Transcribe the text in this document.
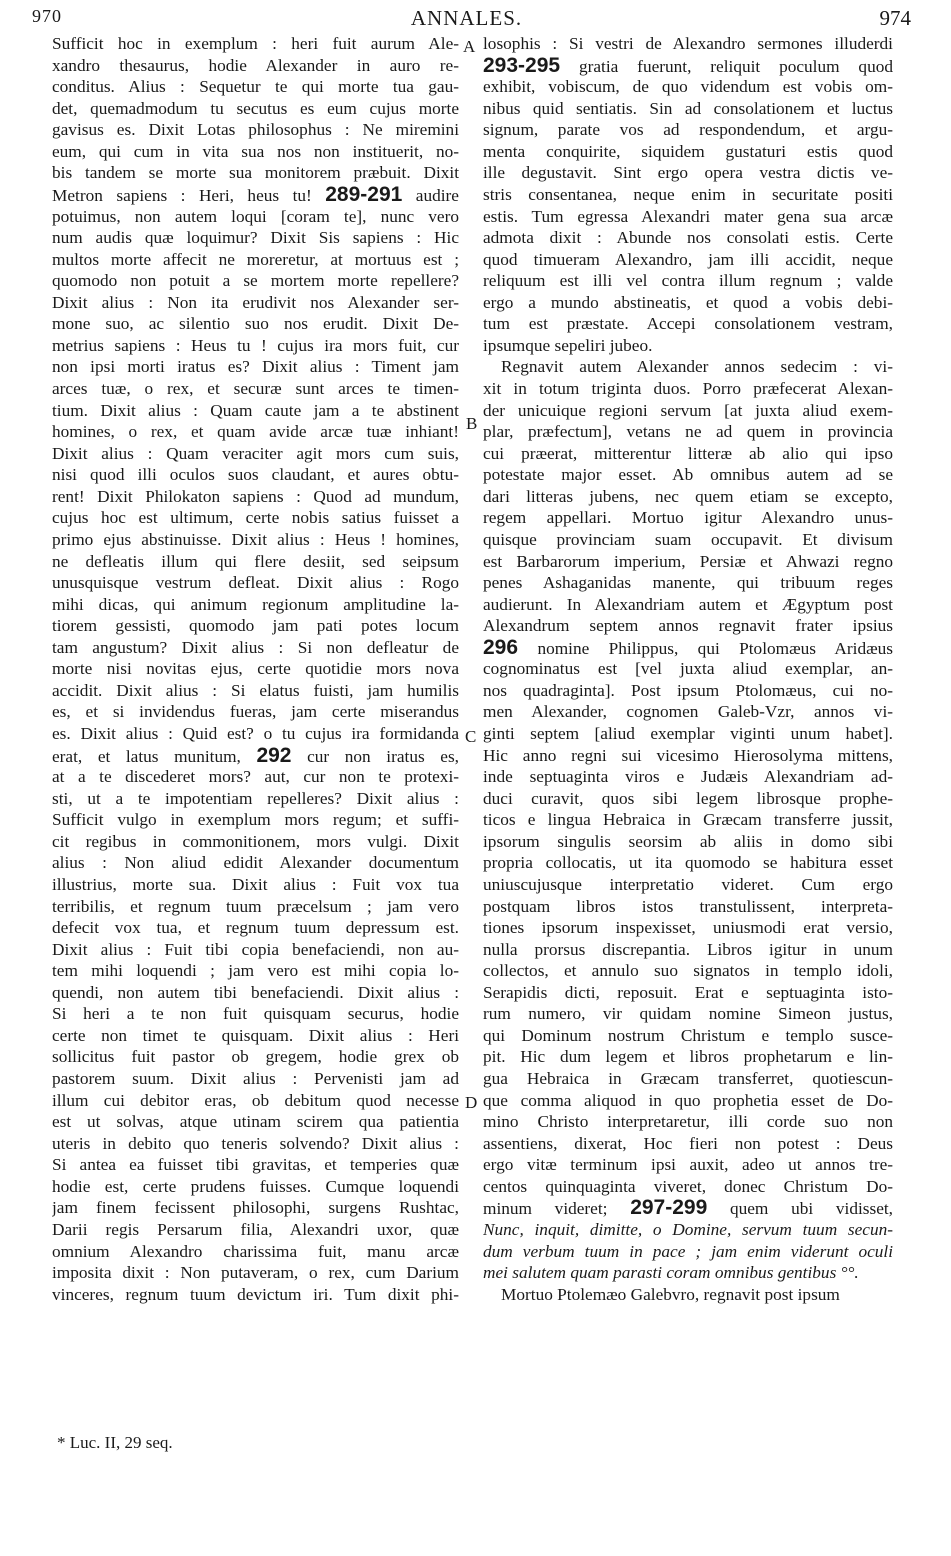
970	ANNALES.	974
Sufficit hoc in exemplum : heri fuit aurum Ale-
xandro thesaurus, hodie Alexander in auro re-
conditus. Alius : Sequetur te qui morte tua gau-
det, quemadmodum tu secutus es eum cujus morte
gavisus es. Dixit Lotas philosophus : Ne miremini
eum, qui cum in vita sua nos non instituerit, no-
bis tandem se morte sua monitorem præbuit. Dixit
Metron sapiens : Heri, heus tu! 289-291 audire
potuimus, non autem loqui [coram te], nunc vero
num audis quæ loquimur? Dixit Sis sapiens : Hic
multos morte affecit ne moreretur, at mortuus est ;
quomodo non potuit a se mortem morte repellere?
Dixit alius : Non ita erudivit nos Alexander ser-
mone suo, ac silentio suo nos erudit. Dixit De-
metrius sapiens : Heus tu ! cujus ira mors fuit, cur
non ipsi morti iratus es? Dixit alius : Timent jam
arces tuæ, o rex, et securæ sunt arces te timen-
tium. Dixit alius : Quam caute jam a te abstinent
homines, o rex, et quam avide arcæ tuæ inhiant!
Dixit alius : Quam veraciter agit mors cum suis,
nisi quod illi oculos suos claudant, et aures obtu-
rent! Dixit Philokaton sapiens : Quod ad mundum,
cujus hoc est ultimum, certe nobis satius fuisset a
primo ejus abstinuisse. Dixit alius : Heus ! homines,
ne defleatis illum qui flere desiit, sed seipsum
unusquisque vestrum defleat. Dixit alius : Rogo
mihi dicas, qui animum regionum amplitudine la-
tiorem gessisti, quomodo jam pati potes locum
tam angustum? Dixit alius : Si non defleatur de
morte nisi novitas ejus, certe quotidie mors nova
accidit. Dixit alius : Si elatus fuisti, jam humilis
es, et si invidendus fueras, jam certe miserandus
es. Dixit alius : Quid est? o tu cujus ira formidanda
erat, et latus munitum, 292 cur non iratus es,
at a te discederet mors? aut, cur non te protexi-
sti, ut a te impotentiam repelleres? Dixit alius :
Sufficit vulgo in exemplum mors regum; et suffi-
cit regibus in commonitionem, mors vulgi. Dixit
alius : Non aliud edidit Alexander documentum
illustrius, morte sua. Dixit alius : Fuit vox tua
terribilis, et regnum tuum præcelsum ; jam vero
defecit vox tua, et regnum tuum depressum est.
Dixit alius : Fuit tibi copia benefaciendi, non au-
tem mihi loquendi ; jam vero est mihi copia lo-
quendi, non autem tibi benefaciendi. Dixit alius :
Si heri a te non fuit quisquam securus, hodie
certe non timet te quisquam. Dixit alius : Heri
sollicitus fuit pastor ob gregem, hodie grex ob
pastorem suum. Dixit alius : Pervenisti jam ad
illum cui debitor eras, ob debitum quod necesse
est ut solvas, atque utinam scirem qua patientia
uteris in debito quo teneris solvendo? Dixit alius :
Si antea ea fuisset tibi gravitas, et temperies quæ
hodie est, certe prudens fuisses. Cumque loquendi
jam finem fecissent philosophi, surgens Rushtac,
Darii regis Persarum filia, Alexandri uxor, quæ
omnium Alexandro charissima fuit, manu arcæ
imposita dixit : Non putaveram, o rex, cum Darium
vinceres, regnum tuum devictum iri. Tum dixit phi-
losophis : Si vestri de Alexandro sermones illuderdi
293-295 gratia fuerunt, reliquit poculum quod
exhibit, vobiscum, de quo videndum est vobis om-
nibus quid sentiatis. Sin ad consolationem et luctus
signum, parate vos ad respondendum, et argu-
menta conquirite, siquidem gustaturi estis quod
ille degustavit. Sint ergo opera vestra dictis ve-
stris consentanea, neque enim in securitate positi
estis. Tum egressa Alexandri mater gena sua arcæ
admota dixit : Abunde nos consolati estis. Certe
quod timueram Alexandro, jam illi accidit, neque
reliquum est illi vel contra illum regnum ; valde
ergo a mundo abstineatis, et quod a vobis debi-
tum est præstate. Accepi consolationem vestram,
ipsumque sepeliri jubeo.
Regnavit autem Alexander annos sedecim : vi-
xit in totum triginta duos. Porro præfecerat Alexan-
der unicuique regioni servum [at juxta aliud exem-
plar, præfectum], vetans ne ad quem in provincia
cui præerat, mitterentur litteræ ab alio qui ipso
potestate major esset. Ab omnibus autem ad se
dari litteras jubens, nec quem etiam se excepto,
regem appellari. Mortuo igitur Alexandro unus-
quisque provinciam suam occupavit. Et divisum
est Barbarorum imperium, Persiæ et Ahwazi regno
penes Ashaganidas manente, qui tribuum reges
audierunt. In Alexandriam autem et Ægyptum post
Alexandrum septem annos regnavit frater ipsius
296 nomine Philippus, qui Ptolomæus Aridæus
cognominatus est [vel juxta aliud exemplar, an-
nos quadraginta]. Post ipsum Ptolomæus, cui no-
men Alexander, cognomen Galeb-Vzr, annos vi-
ginti septem [aliud exemplar viginti unum habet].
Hic anno regni sui vicesimo Hierosolyma mittens,
inde septuaginta viros e Judæis Alexandriam ad-
duci curavit, quos sibi legem librosque prophe-
ticos e lingua Hebraica in Græcam transferre jussit,
ipsorum singulis seorsim ab aliis in domo sibi
propria collocatis, ut ita quomodo se habitura esset
uniuscujusque interpretatio videret. Cum ergo
postquam libros istos transtulissent, interpreta-
tiones ipsorum inspexisset, uniusmodi erat versio,
nulla prorsus discrepantia. Libros igitur in unum
collectos, et annulo suo signatos in templo idoli,
Serapidis dicti, reposuit. Erat e septuaginta isto-
rum numero, vir quidam nomine Simeon justus,
qui Dominum nostrum Christum e templo susce-
pit. Hic dum legem et libros prophetarum e lin-
gua Hebraica in Græcam transferret, quotiescun-
que comma aliquod in quo prophetia esset de Do-
mino Christo interpretaretur, illi corde suo non
assentiens, dixerat, Hoc fieri non potest : Deus
ergo vitæ terminum ipsi auxit, adeo ut annos tre-
centos quinquaginta viveret, donec Christum Do-
minum videret; 297-299 quem ubi vidisset,
Nunc, inquit, dimitte, o Domine, servum tuum secun-
dum verbum tuum in pace ; jam enim viderunt oculi
mei salutem quam parasti coram omnibus gentibus °°.
Mortuo Ptolemæo Galebvro, regnavit post ipsum
A
B
C
D
* Luc. II, 29 seq.
